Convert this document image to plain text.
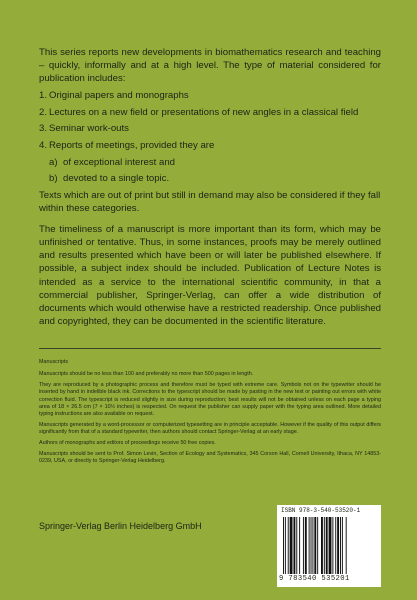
This series reports new developments in biomathematics research and teaching – quickly, informally and at a high level. The type of material considered for publication includes:

1. Original papers and monographs
2. Lectures on a new field or presentations of new angles in a classical field
3. Seminar work-outs
4. Reports of meetings, provided they are
a) of exceptional interest and
b) devoted to a single topic.

Texts which are out of print but still in demand may also be considered if they fall within these categories.

The timeliness of a manuscript is more important than its form, which may be unfinished or tentative. Thus, in some instances, proofs may be merely outlined and results presented which have been or will later be published elsewhere. If possible, a subject index should be included. Publication of Lecture Notes is intended as a service to the international scientific community, in that a commercial publisher, Springer-Verlag, can offer a wide distribution of documents which would otherwise have a restricted readership. Once published and copyrighted, they can be documented in the scientific literature.

Manuscripts

Manuscripts should be no less than 100 and preferably no more than 500 pages in length.

They are reproduced by a photographic process and therefore must be typed with extreme care. Symbols not on the typewriter should be inserted by hand in indelible black ink. Corrections to the typescript should be made by pasting in the new text or painting out errors with white correction fluid. The typescript is reduced slightly in size during reproduction; best results will not be obtained unless on each page a typing area of 18 × 26.5 cm (7 × 10½ inches) is respected. On request the publisher can supply paper with the typing area outlined. More detailed typing instructions are also available on request.

Manuscripts generated by a word-processor or computerized typesetting are in principle acceptable. However if the quality of this output differs significantly from that of a standard typewriter, then authors should contact Springer-Verlag at an early stage.

Authors of monographs and editors of proceedings receive 50 free copies.

Manuscripts should be sent to Prof. Simon Levin, Section of Ecology and Systematics, 345 Corson Hall, Cornell University, Ithaca, NY 14853-0239, USA, or directly to Springer-Verlag Heidelberg.

Springer-Verlag Berlin Heidelberg GmbH
ISBN 978-3-540-53520-1
9 783540 535201
